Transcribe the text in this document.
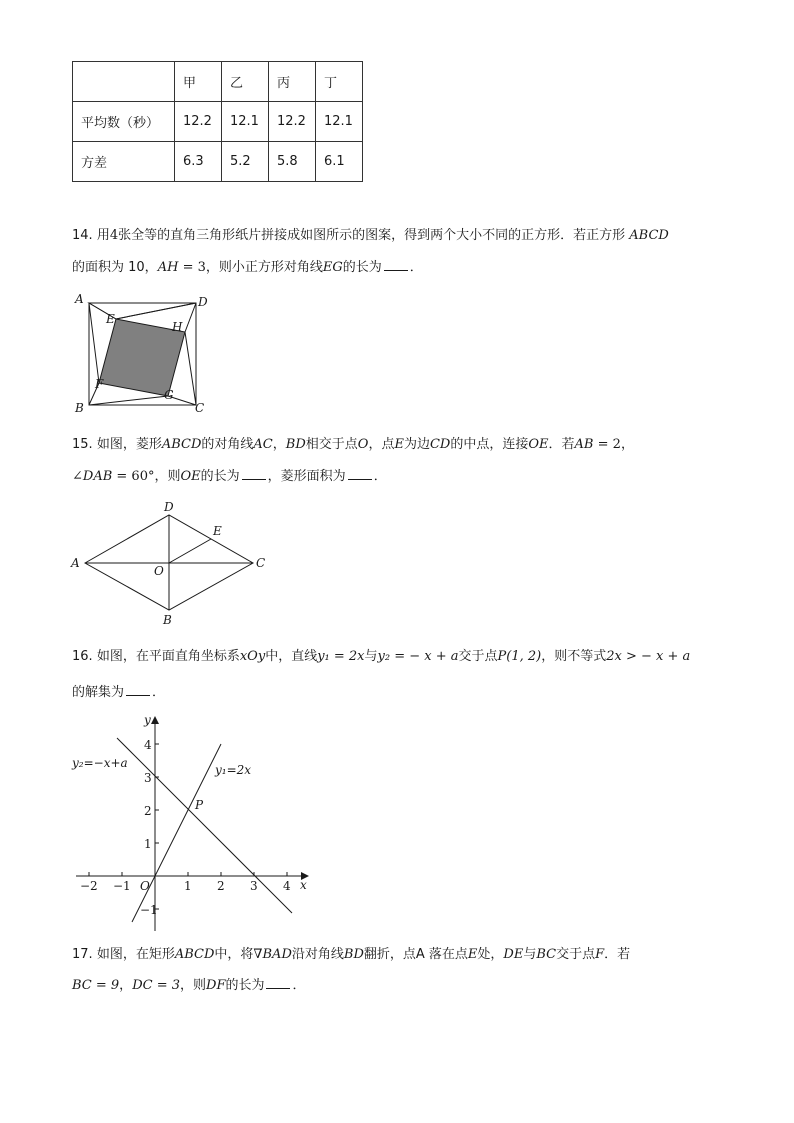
	甲	乙	丙	丁
平均数（秒）	12.2	12.1	12.2	12.1
方差	6.3	5.2	5.8	6.1
14. 用4张全等的直角三角形纸片拼接成如图所示的图案，得到两个大小不同的正方形．若正方形 ABCD
的面积为 10，AH = 3，则小正方形对角线EG的长为 ．
A	D
E
H
F
G
B	C
15. 如图，菱形ABCD的对角线AC，BD相交于点O，点E为边CD的中点，连接OE．若AB = 2，
∠DAB = 60°，则OE的长为 ，菱形面积为 ．
A
D
E
C
O
B
16. 如图，在平面直角坐标系xOy中，直线y₁ = 2x与y₂ = − x + a交于点P(1, 2)，则不等式2x > − x + a
的解集为 ．
−2 −1	1 2 3 4
4
3
2
1
−1
O	x
y
P
y₂=−x+a	y₁=2x
17. 如图，在矩形ABCD中，将∇BAD沿对角线BD翻折，点A 落在点E处，DE与BC交于点F．若
BC = 9，DC = 3，则DF的长为 ．
